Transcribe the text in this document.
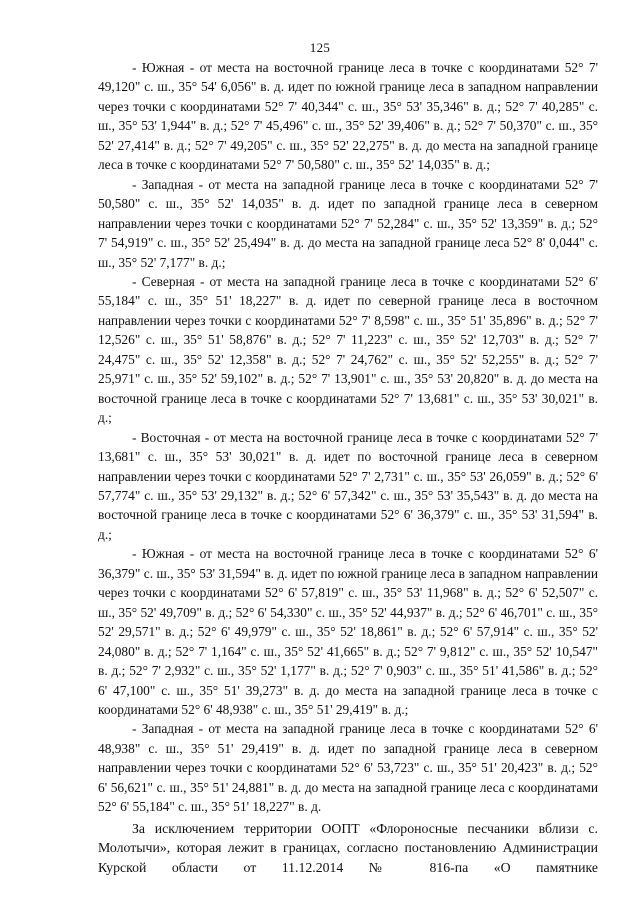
125

- Южная - от места на восточной границе леса в точке с координатами 52° 7' 49,120" с. ш., 35° 54' 6,056" в. д. идет по южной границе леса в западном направлении через точки с координатами 52° 7' 40,344" с. ш., 35° 53' 35,346" в. д.; 52° 7' 40,285" с. ш., 35° 53' 1,944" в. д.; 52° 7' 45,496" с. ш., 35° 52' 39,406" в. д.; 52° 7' 50,370" с. ш., 35° 52' 27,414" в. д.; 52° 7' 49,205" с. ш., 35° 52' 22,275" в. д. до места на западной границе леса в точке с координатами 52° 7' 50,580" с. ш., 35° 52' 14,035" в. д.;

- Западная - от места на западной границе леса в точке с координатами 52° 7' 50,580" с. ш., 35° 52' 14,035" в. д. идет по западной границе леса в северном направлении через точки с координатами 52° 7' 52,284" с. ш., 35° 52' 13,359" в. д.; 52° 7' 54,919" с. ш., 35° 52' 25,494" в. д. до места на западной границе леса 52° 8' 0,044" с. ш., 35° 52' 7,177" в. д.;

- Северная - от места на западной границе леса в точке с координатами 52° 6' 55,184" с. ш., 35° 51' 18,227" в. д. идет по северной границе леса в восточном направлении через точки с координатами 52° 7' 8,598" с. ш., 35° 51' 35,896" в. д.; 52° 7' 12,526" с. ш., 35° 51' 58,876" в. д.; 52° 7' 11,223" с. ш., 35° 52' 12,703" в. д.; 52° 7' 24,475" с. ш., 35° 52' 12,358" в. д.; 52° 7' 24,762" с. ш., 35° 52' 52,255" в. д.; 52° 7' 25,971" с. ш., 35° 52' 59,102" в. д.; 52° 7' 13,901" с. ш., 35° 53' 20,820" в. д. до места на восточной границе леса в точке с координатами 52° 7' 13,681" с. ш., 35° 53' 30,021" в. д.;

- Восточная - от места на восточной границе леса в точке с координатами 52° 7' 13,681" с. ш., 35° 53' 30,021" в. д. идет по восточной границе леса в северном направлении через точки с координатами 52° 7' 2,731" с. ш., 35° 53' 26,059" в. д.; 52° 6' 57,774" с. ш., 35° 53' 29,132" в. д.; 52° 6' 57,342" с. ш., 35° 53' 35,543" в. д. до места на восточной границе леса в точке с координатами 52° 6' 36,379" с. ш., 35° 53' 31,594" в. д.;

- Южная - от места на восточной границе леса в точке с координатами 52° 6' 36,379" с. ш., 35° 53' 31,594" в. д. идет по южной границе леса в западном направлении через точки с координатами 52° 6' 57,819" с. ш., 35° 53' 11,968" в. д.; 52° 6' 52,507" с. ш., 35° 52' 49,709" в. д.; 52° 6' 54,330" с. ш., 35° 52' 44,937" в. д.; 52° 6' 46,701" с. ш., 35° 52' 29,571" в. д.; 52° 6' 49,979" с. ш., 35° 52' 18,861" в. д.; 52° 6' 57,914" с. ш., 35° 52' 24,080" в. д.; 52° 7' 1,164" с. ш., 35° 52' 41,665" в. д.; 52° 7' 9,812" с. ш., 35° 52' 10,547" в. д.; 52° 7' 2,932" с. ш., 35° 52' 1,177" в. д.; 52° 7' 0,903" с. ш., 35° 51' 41,586" в. д.; 52° 6' 47,100" с. ш., 35° 51' 39,273" в. д. до места на западной границе леса в точке с координатами 52° 6' 48,938" с. ш., 35° 51' 29,419" в. д.;

- Западная - от места на западной границе леса в точке с координатами 52° 6' 48,938" с. ш., 35° 51' 29,419" в. д. идет по западной границе леса в северном направлении через точки с координатами 52° 6' 53,723" с. ш., 35° 51' 20,423" в. д.; 52° 6' 56,621" с. ш., 35° 51' 24,881" в. д. до места на западной границе леса с координатами 52° 6' 55,184" с. ш., 35° 51' 18,227" в. д.

За исключением территории ООПТ «Флороносные песчаники вблизи с. Молотычи», которая лежит в границах, согласно постановлению Администрации Курской области от 11.12.2014 № 816-па «О памятнике
